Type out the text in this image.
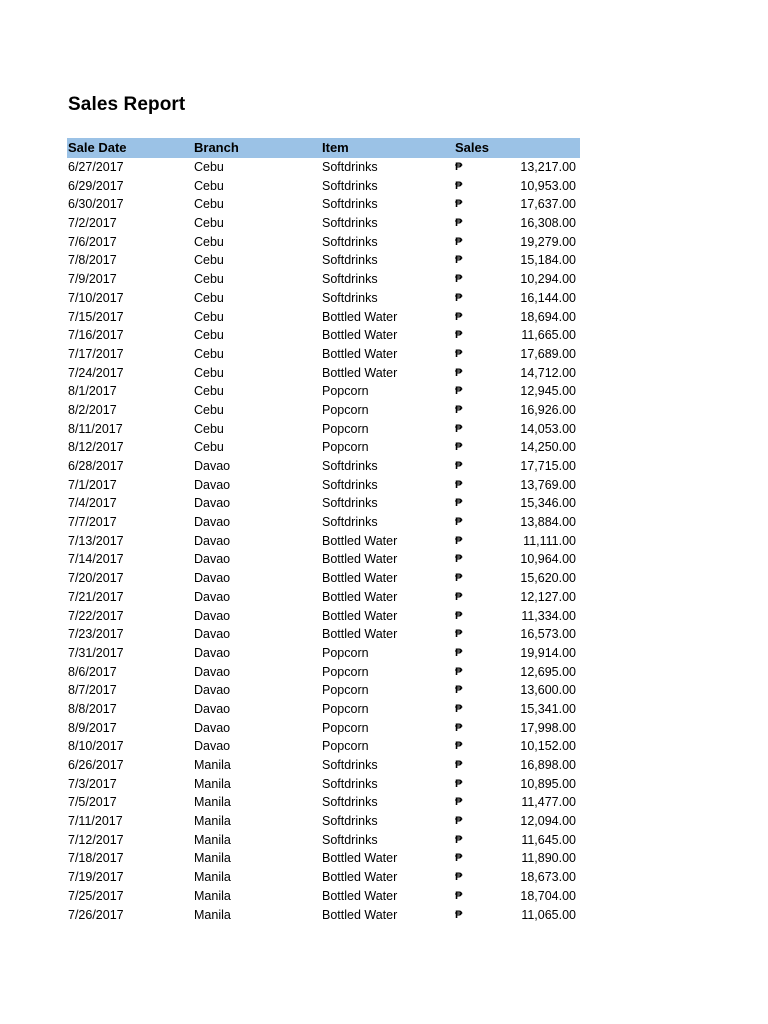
Sales Report
Sale Date	Branch	Item	Sales
6/27/2017	Cebu	Softdrinks	₱	13,217.00
6/29/2017	Cebu	Softdrinks	₱	10,953.00
6/30/2017	Cebu	Softdrinks	₱	17,637.00
7/2/2017	Cebu	Softdrinks	₱	16,308.00
7/6/2017	Cebu	Softdrinks	₱	19,279.00
7/8/2017	Cebu	Softdrinks	₱	15,184.00
7/9/2017	Cebu	Softdrinks	₱	10,294.00
7/10/2017	Cebu	Softdrinks	₱	16,144.00
7/15/2017	Cebu	Bottled Water	₱	18,694.00
7/16/2017	Cebu	Bottled Water	₱	11,665.00
7/17/2017	Cebu	Bottled Water	₱	17,689.00
7/24/2017	Cebu	Bottled Water	₱	14,712.00
8/1/2017	Cebu	Popcorn	₱	12,945.00
8/2/2017	Cebu	Popcorn	₱	16,926.00
8/11/2017	Cebu	Popcorn	₱	14,053.00
8/12/2017	Cebu	Popcorn	₱	14,250.00
6/28/2017	Davao	Softdrinks	₱	17,715.00
7/1/2017	Davao	Softdrinks	₱	13,769.00
7/4/2017	Davao	Softdrinks	₱	15,346.00
7/7/2017	Davao	Softdrinks	₱	13,884.00
7/13/2017	Davao	Bottled Water	₱	11,111.00
7/14/2017	Davao	Bottled Water	₱	10,964.00
7/20/2017	Davao	Bottled Water	₱	15,620.00
7/21/2017	Davao	Bottled Water	₱	12,127.00
7/22/2017	Davao	Bottled Water	₱	11,334.00
7/23/2017	Davao	Bottled Water	₱	16,573.00
7/31/2017	Davao	Popcorn	₱	19,914.00
8/6/2017	Davao	Popcorn	₱	12,695.00
8/7/2017	Davao	Popcorn	₱	13,600.00
8/8/2017	Davao	Popcorn	₱	15,341.00
8/9/2017	Davao	Popcorn	₱	17,998.00
8/10/2017	Davao	Popcorn	₱	10,152.00
6/26/2017	Manila	Softdrinks	₱	16,898.00
7/3/2017	Manila	Softdrinks	₱	10,895.00
7/5/2017	Manila	Softdrinks	₱	11,477.00
7/11/2017	Manila	Softdrinks	₱	12,094.00
7/12/2017	Manila	Softdrinks	₱	11,645.00
7/18/2017	Manila	Bottled Water	₱	11,890.00
7/19/2017	Manila	Bottled Water	₱	18,673.00
7/25/2017	Manila	Bottled Water	₱	18,704.00
7/26/2017	Manila	Bottled Water	₱	11,065.00
